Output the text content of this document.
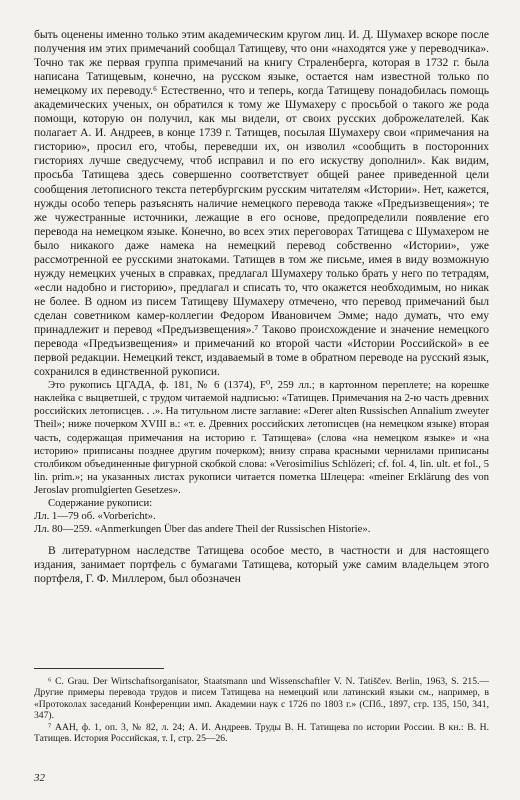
быть оценены именно только этим академическим кругом лиц. И. Д. Шумахер вскоре после получения им этих примечаний сообщал Татищеву, что они «находятся уже у переводчика». Точно так же первая группа примечаний на книгу Страленберга, которая в 1732 г. была написана Татищевым, конечно, на русском языке, остается нам известной только по немецкому их переводу.⁶ Естественно, что и теперь, когда Татищеву понадобилась помощь академических ученых, он обратился к тому же Шумахеру с просьбой о такого же рода помощи, которую он получил, как мы видели, от своих русских доброжелателей. Как полагает А. И. Андреев, в конце 1739 г. Татищев, посылая Шумахеру свои «примечания на гисторию», просил его, чтобы, переведши их, он изволил «сообщить в посторонних гисториях лучше сведусчему, чтоб исправил и по его искуству дополнил». Как видим, просьба Татищева здесь совершенно соответствует общей ранее приведенной цели сообщения летописного текста петербургским русским читателям «Истории». Нет, кажется, нужды особо теперь разъяснять наличие немецкого перевода также «Предъизвещения»; те же чужестранные источники, лежащие в его основе, предопределили появление его перевода на немецком языке. Конечно, во всех этих переговорах Татищева с Шумахером не было никакого даже намека на немецкий перевод собственно «Истории», уже рассмотренной ее русскими знатоками. Татищев в том же письме, имея в виду возможную нужду немецких ученых в справках, предлагал Шумахеру только брать у него по тетрадям, «если надобно и гисторию», предлагал и списать то, что окажется необходимым, но никак не более. В одном из писем Татищеву Шумахеру отмечено, что перевод примечаний был сделан советником камер-коллегии Федором Ивановичем Эмме; надо думать, что ему принадлежит и перевод «Предъизвещения».⁷ Таково происхождение и значение немецкого перевода «Предъизвещения» и примечаний ко второй части «Истории Российской» в ее первой редакции. Немецкий текст, издаваемый в томе в обратном переводе на русский язык, сохранился в единственной рукописи.

Это рукопись ЦГАДА, ф. 181, № 6 (1374), F⁰, 259 лл.; в картонном переплете; на корешке наклейка с выцветшей, с трудом читаемой надписью: «Татищев. Примечания на 2-ю часть древних российских летописцев. . .». На титульном листе заглавие: «Derer alten Russischen Annalium zweyter Theil»; ниже почерком XVIII в.: «т. е. Древних российских летописцев (на немецком языке) вторая часть, содержащая примечания на историю г. Татищева» (слова «на немецком языке» и «на историю» приписаны позднее другим почерком); внизу справа красными чернилами приписаны столбиком объединенные фигурной скобкой слова: «Verosimilius Schlözeri; cf. fol. 4, lin. ult. et fol., 5 lin. prim.»; на указанных листах рукописи читается пометка Шлецера: «meiner Erklärung des von Jeroslav promulgierten Gesetzes».

Содержание рукописи:

Лл. 1—79 об. «Vorbericht».

Лл. 80—259. «Anmerkungen Über das andere Theil der Russischen Historie».

В литературном наследстве Татищева особое место, в частности и для настоящего издания, занимает портфель с бумагами Татищева, который уже самим владельцем этого портфеля, Г. Ф. Миллером, был обозначен

⁶ C. Grau. Der Wirtschaftsorganisator, Staatsmann und Wissenschaftler V. N. Tatiščev. Berlin, 1963, S. 215.— Другие примеры перевода трудов и писем Татищева на немецкий или латинский языки см., например, в «Протоколах заседаний Конференции имп. Академии наук с 1726 по 1803 г.» (СПб., 1897, стр. 135, 150, 341, 347).

⁷ ААН, ф. 1, оп. 3, № 82, л. 24; А. И. Андреев. Труды В. Н. Татищева по истории России. В кн.: В. Н. Татищев. История Российская, т. I, стр. 25—26.

32
